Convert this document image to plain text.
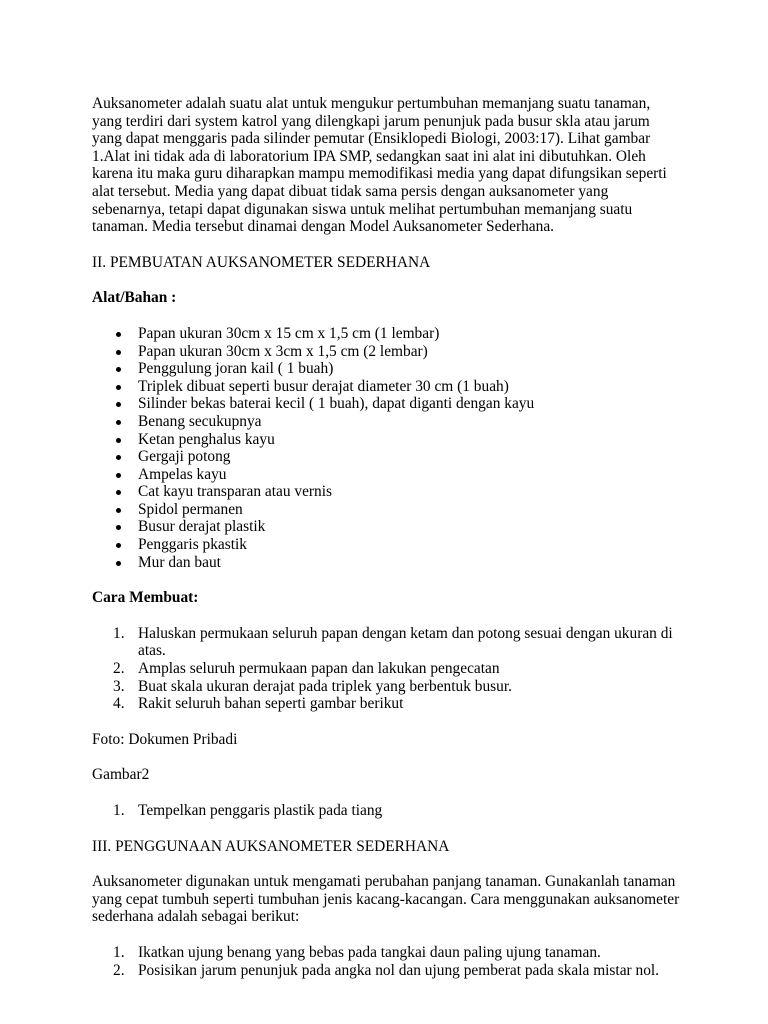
Auksanometer adalah suatu alat untuk mengukur pertumbuhan memanjang suatu tanaman, yang terdiri dari system katrol yang dilengkapi jarum penunjuk pada busur skla atau jarum yang dapat menggaris pada silinder pemutar (Ensiklopedi Biologi, 2003:17). Lihat gambar 1.Alat ini tidak ada di laboratorium IPA SMP, sedangkan saat ini alat ini dibutuhkan. Oleh karena itu maka guru diharapkan mampu memodifikasi media yang dapat difungsikan seperti alat tersebut. Media yang dapat dibuat tidak sama persis dengan auksanometer yang sebenarnya, tetapi dapat digunakan siswa untuk melihat pertumbuhan memanjang suatu tanaman. Media tersebut dinamai dengan Model Auksanometer Sederhana.

II. PEMBUATAN AUKSANOMETER SEDERHANA

Alat/Bahan :

Papan ukuran 30cm x 15 cm x 1,5 cm (1 lembar)
Papan ukuran 30cm x 3cm x 1,5 cm (2 lembar)
Penggulung joran kail ( 1 buah)
Triplek dibuat seperti busur derajat diameter 30 cm (1 buah)
Silinder bekas baterai kecil ( 1 buah), dapat diganti dengan kayu
Benang secukupnya
Ketan penghalus kayu
Gergaji potong
Ampelas kayu
Cat kayu transparan atau vernis
Spidol permanen
Busur derajat plastik
Penggaris pkastik
Mur dan baut

Cara Membuat:

1. Haluskan permukaan seluruh papan dengan ketam dan potong sesuai dengan ukuran di atas.
2. Amplas seluruh permukaan papan dan lakukan pengecatan
3. Buat skala ukuran derajat pada triplek yang berbentuk busur.
4. Rakit seluruh bahan seperti gambar berikut

Foto: Dokumen Pribadi

Gambar2

1. Tempelkan penggaris plastik pada tiang

III. PENGGUNAAN AUKSANOMETER SEDERHANA

Auksanometer digunakan untuk mengamati perubahan panjang tanaman. Gunakanlah tanaman yang cepat tumbuh seperti tumbuhan jenis kacang-kacangan. Cara menggunakan auksanometer sederhana adalah sebagai berikut:

1. Ikatkan ujung benang yang bebas pada tangkai daun paling ujung tanaman.
2. Posisikan jarum penunjuk pada angka nol dan ujung pemberat pada skala mistar nol.
